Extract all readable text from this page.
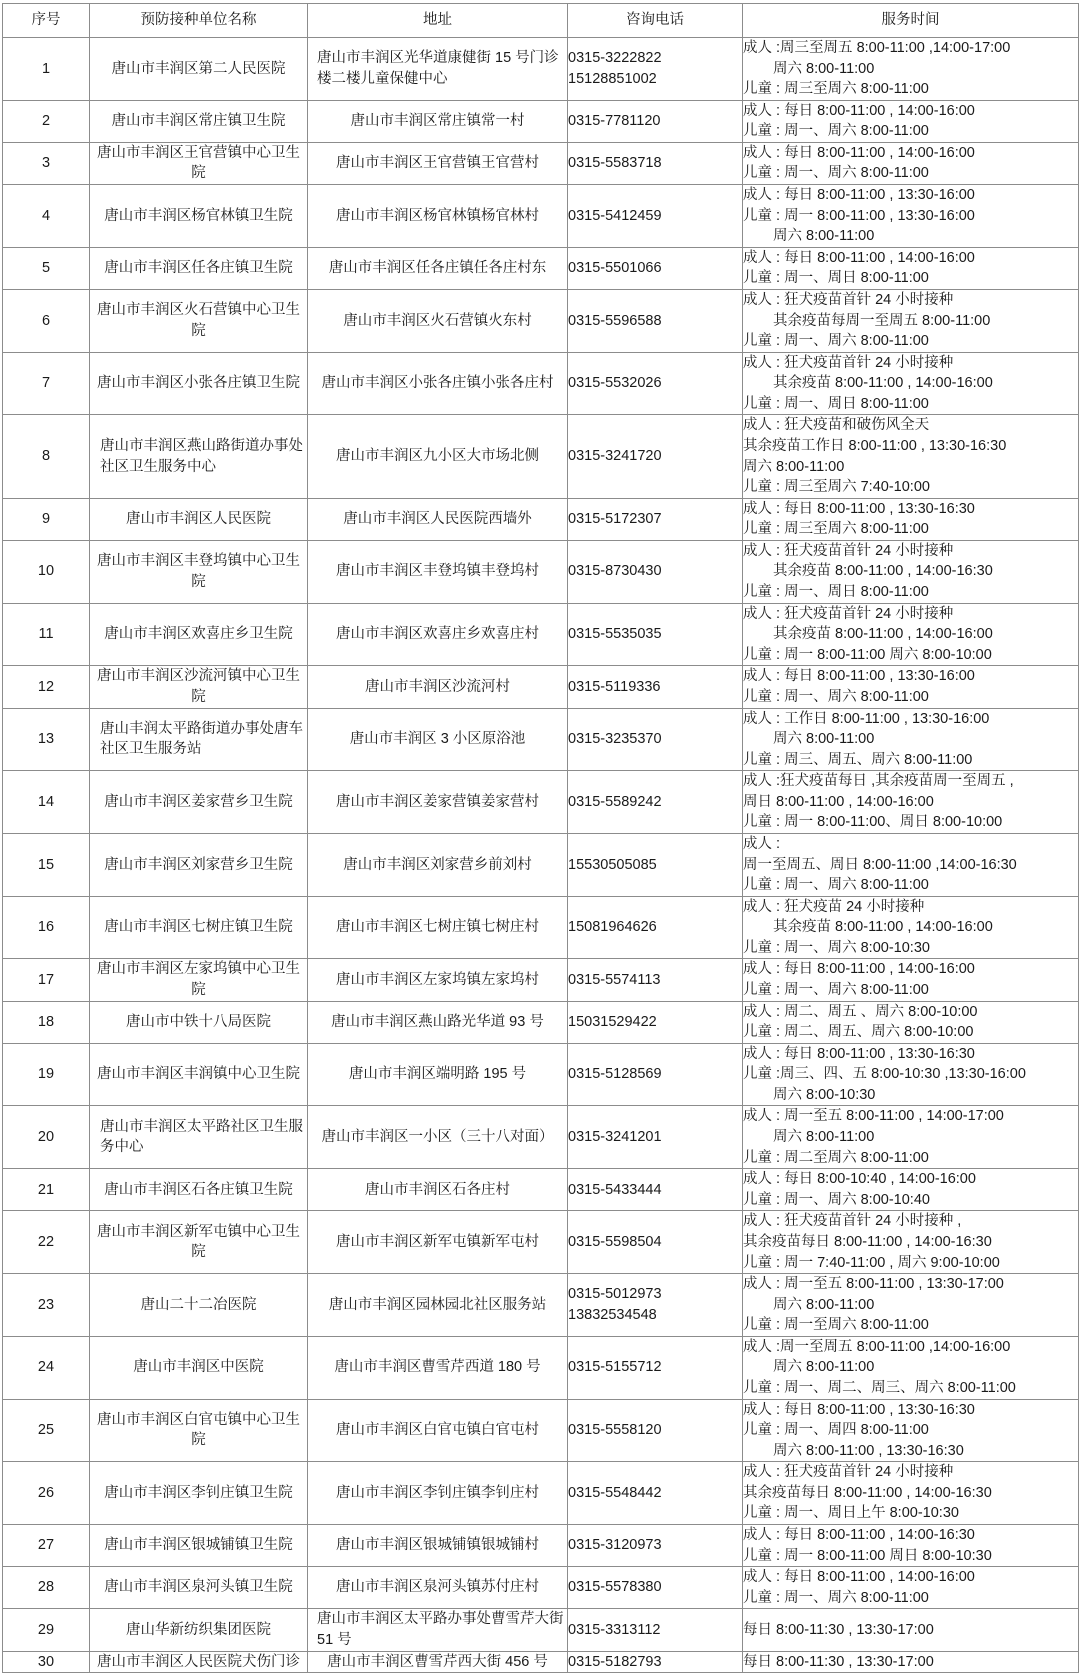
序号	预防接种单位名称	地址	咨询电话	服务时间
1	唐山市丰润区第二人民医院	唐山市丰润区光华道康健街 15 号门诊楼二楼儿童保健中心	0315-3222822
15128851002	成人 :周三至周五 8:00-11:00 ,14:00-17:00
周六 8:00-11:00
儿童 : 周三至周六 8:00-11:00

2	唐山市丰润区常庄镇卫生院	唐山市丰润区常庄镇常一村	0315-7781120	成人 : 每日 8:00-11:00 , 14:00-16:00
儿童 : 周一、周六 8:00-11:00

3	唐山市丰润区王官营镇中心卫生院	唐山市丰润区王官营镇王官营村	0315-5583718	成人 : 每日 8:00-11:00 , 14:00-16:00
儿童 : 周一、周六 8:00-11:00

4	唐山市丰润区杨官林镇卫生院	唐山市丰润区杨官林镇杨官林村	0315-5412459	成人 : 每日 8:00-11:00 , 13:30-16:00
儿童 : 周一 8:00-11:00 , 13:30-16:00
周六 8:00-11:00

5	唐山市丰润区任各庄镇卫生院	唐山市丰润区任各庄镇任各庄村东	0315-5501066	成人 : 每日 8:00-11:00 , 14:00-16:00
儿童 : 周一、周日 8:00-11:00

6	唐山市丰润区火石营镇中心卫生院	唐山市丰润区火石营镇火东村	0315-5596588	成人 : 狂犬疫苗首针 24 小时接种
其余疫苗每周一至周五 8:00-11:00
儿童 : 周一、周六 8:00-11:00

7	唐山市丰润区小张各庄镇卫生院	唐山市丰润区小张各庄镇小张各庄村	0315-5532026	成人 : 狂犬疫苗首针 24 小时接种
其余疫苗 8:00-11:00 , 14:00-16:00
儿童 : 周一、周日 8:00-11:00

8	唐山市丰润区燕山路街道办事处社区卫生服务中心	唐山市丰润区九小区大市场北侧	0315-3241720	成人 : 狂犬疫苗和破伤风全天
其余疫苗工作日 8:00-11:00 , 13:30-16:30
周六 8:00-11:00
儿童 : 周三至周六 7:40-10:00

9	唐山市丰润区人民医院	唐山市丰润区人民医院西墙外	0315-5172307	成人 : 每日 8:00-11:00 , 13:30-16:30
儿童 : 周三至周六 8:00-11:00

10	唐山市丰润区丰登坞镇中心卫生院	唐山市丰润区丰登坞镇丰登坞村	0315-8730430	成人 : 狂犬疫苗首针 24 小时接种
其余疫苗 8:00-11:00 , 14:00-16:30
儿童 : 周一、周日 8:00-11:00

11	唐山市丰润区欢喜庄乡卫生院	唐山市丰润区欢喜庄乡欢喜庄村	0315-5535035	成人 : 狂犬疫苗首针 24 小时接种
其余疫苗 8:00-11:00 , 14:00-16:00
儿童 : 周一 8:00-11:00 周六 8:00-10:00

12	唐山市丰润区沙流河镇中心卫生院	唐山市丰润区沙流河村	0315-5119336	成人 : 每日 8:00-11:00 , 13:30-16:00
儿童 : 周一、周六 8:00-11:00

13	唐山丰润太平路街道办事处唐车社区卫生服务站	唐山市丰润区 3 小区原浴池	0315-3235370	成人 : 工作日 8:00-11:00 , 13:30-16:00
周六 8:00-11:00
儿童 : 周三、周五、周六 8:00-11:00

14	唐山市丰润区姜家营乡卫生院	唐山市丰润区姜家营镇姜家营村	0315-5589242	成人 :狂犬疫苗每日 ,其余疫苗周一至周五 ,
周日 8:00-11:00 , 14:00-16:00
儿童 : 周一 8:00-11:00、周日 8:00-10:00

15	唐山市丰润区刘家营乡卫生院	唐山市丰润区刘家营乡前刘村	15530505085	成人 :
周一至周五、周日 8:00-11:00 ,14:00-16:30
儿童 : 周一、周六 8:00-11:00

16	唐山市丰润区七树庄镇卫生院	唐山市丰润区七树庄镇七树庄村	15081964626	成人 : 狂犬疫苗 24 小时接种
其余疫苗 8:00-11:00 , 14:00-16:00
儿童 : 周一、周六 8:00-10:30

17	唐山市丰润区左家坞镇中心卫生院	唐山市丰润区左家坞镇左家坞村	0315-5574113	成人 : 每日 8:00-11:00 , 14:00-16:00
儿童 : 周一、周六 8:00-11:00

18	唐山市中铁十八局医院	唐山市丰润区燕山路光华道 93 号	15031529422	成人 : 周二、周五 、周六 8:00-10:00
儿童 : 周二、周五、周六 8:00-10:00

19	唐山市丰润区丰润镇中心卫生院	唐山市丰润区端明路 195 号	0315-5128569	成人 : 每日 8:00-11:00 , 13:30-16:30
儿童 :周三、四、五 8:00-10:30 ,13:30-16:00
周六 8:00-10:30

20	唐山市丰润区太平路社区卫生服务中心	唐山市丰润区一小区（三十八对面）	0315-3241201	成人 : 周一至五 8:00-11:00 , 14:00-17:00
周六 8:00-11:00
儿童 : 周二至周六 8:00-11:00

21	唐山市丰润区石各庄镇卫生院	唐山市丰润区石各庄村	0315-5433444	成人 : 每日 8:00-10:40 , 14:00-16:00
儿童 : 周一、周六 8:00-10:40

22	唐山市丰润区新军屯镇中心卫生院	唐山市丰润区新军屯镇新军屯村	0315-5598504	成人 : 狂犬疫苗首针 24 小时接种 ,
其余疫苗每日 8:00-11:00 , 14:00-16:30
儿童 : 周一 7:40-11:00 , 周六 9:00-10:00

23	唐山二十二冶医院	唐山市丰润区园林园北社区服务站	0315-5012973
13832534548	成人 : 周一至五 8:00-11:00 , 13:30-17:00
周六 8:00-11:00
儿童 : 周一至周六 8:00-11:00

24	唐山市丰润区中医院	唐山市丰润区曹雪芹西道 180 号	0315-5155712	成人 :周一至周五 8:00-11:00 ,14:00-16:00
周六 8:00-11:00
儿童 : 周一、周二、周三、周六 8:00-11:00

25	唐山市丰润区白官屯镇中心卫生院	唐山市丰润区白官屯镇白官屯村	0315-5558120	成人 : 每日 8:00-11:00 , 13:30-16:30
儿童 : 周一、周四 8:00-11:00
周六 8:00-11:00 , 13:30-16:30

26	唐山市丰润区李钊庄镇卫生院	唐山市丰润区李钊庄镇李钊庄村	0315-5548442	成人 : 狂犬疫苗首针 24 小时接种
其余疫苗每日 8:00-11:00 , 14:00-16:30
儿童 : 周一、周日上午 8:00-10:30

27	唐山市丰润区银城铺镇卫生院	唐山市丰润区银城铺镇银城铺村	0315-3120973	成人 : 每日 8:00-11:00 , 14:00-16:30
儿童 : 周一 8:00-11:00 周日 8:00-10:30

28	唐山市丰润区泉河头镇卫生院	唐山市丰润区泉河头镇苏付庄村	0315-5578380	成人 : 每日 8:00-11:00 , 14:00-16:00
儿童 : 周一、周六 8:00-11:00

29	唐山华新纺织集团医院	唐山市丰润区太平路办事处曹雪芹大街 51 号	0315-3313112	每日 8:00-11:30 , 13:30-17:00

30	唐山市丰润区人民医院犬伤门诊	唐山市丰润区曹雪芹西大街 456 号	0315-5182793	每日 8:00-11:30 , 13:30-17:00
